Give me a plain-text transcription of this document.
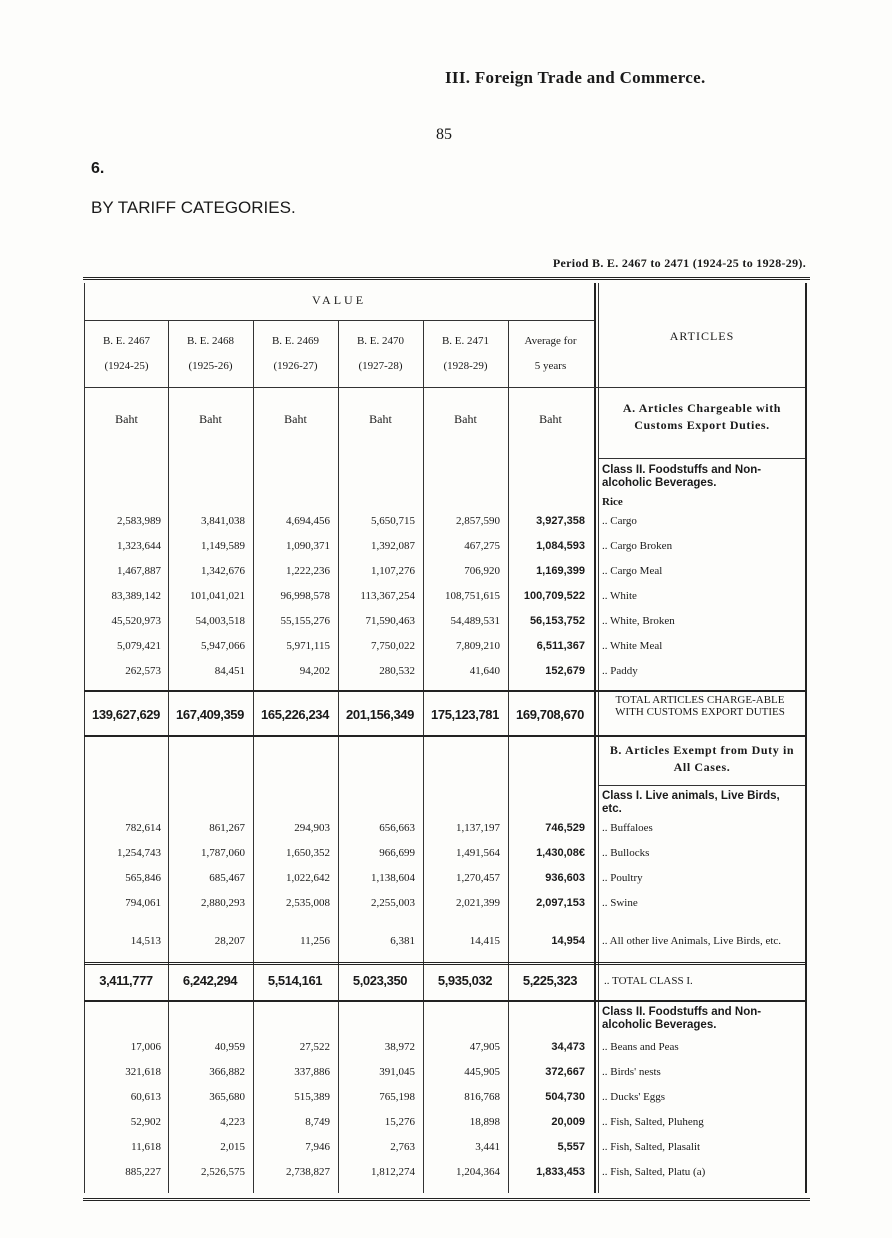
III. Foreign Trade and Commerce.
85
6.
BY TARIFF CATEGORIES.
Period B. E. 2467 to 2471 (1924-25 to 1928-29).
VALUE
ARTICLES
B. E. 2467
(1924-25)
Baht
B. E. 2468
(1925-26)
Baht
B. E. 2469
(1926-27)
Baht
B. E. 2470
(1927-28)
Baht
B. E. 2471
(1928-29)
Baht
Average for
5 years
Baht
A. Articles Chargeable with Customs Export Duties.
Class II. Foodstuffs and Non-alcoholic Beverages.
Rice
2,583,989	3,841,038	4,694,456	5,650,715	2,857,590	3,927,358 .. Cargo
1,323,644	1,149,589	1,090,371	1,392,087	467,275	1,084,593 .. Cargo Broken
1,467,887	1,342,676	1,222,236	1,107,276	706,920	1,169,399 .. Cargo Meal
83,389,142	101,041,021	96,998,578	113,367,254	108,751,615	100,709,522 .. White
45,520,973	54,003,518	55,155,276	71,590,463	54,489,531	56,153,752 .. White, Broken
5,079,421	5,947,066	5,971,115	7,750,022	7,809,210	6,511,367 .. White Meal
262,573	84,451	94,202	280,532	41,640	152,679 .. Paddy
TOTAL ARTICLES CHARGE-ABLE WITH CUSTOMS EXPORT DUTIES
139,627,629	167,409,359	165,226,234	201,156,349	175,123,781	169,708,670
B. Articles Exempt from Duty in All Cases.
Class I. Live animals, Live Birds, etc.
782,614	861,267	294,903	656,663	1,137,197	746,529 .. Buffaloes
1,254,743	1,787,060	1,650,352	966,699	1,491,564	1,430,08€ .. Bullocks
565,846	685,467	1,022,642	1,138,604	1,270,457	936,603 .. Poultry
794,061	2,880,293	2,535,008	2,255,003	2,021,399	2,097,153 .. Swine
14,513	28,207	11,256	6,381	14,415	14,954 .. All other live Animals, Live Birds, etc.
.. TOTAL CLASS I.
3,411,777	6,242,294	5,514,161	5,023,350	5,935,032	5,225,323
Class II. Foodstuffs and Non-alcoholic Beverages.
17,006	40,959	27,522	38,972	47,905	34,473 .. Beans and Peas
321,618	366,882	337,886	391,045	445,905	372,667 .. Birds' nests
60,613	365,680	515,389	765,198	816,768	504,730 .. Ducks' Eggs
52,902	4,223	8,749	15,276	18,898	20,009 .. Fish, Salted, Pluheng
11,618	2,015	7,946	2,763	3,441	5,557 .. Fish, Salted, Plasalit
885,227	2,526,575	2,738,827	1,812,274	1,204,364	1,833,453 .. Fish, Salted, Platu (a)
